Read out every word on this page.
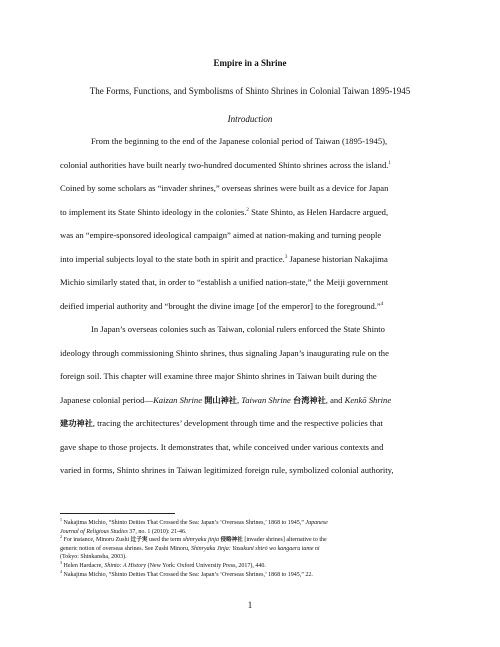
Empire in a Shrine
The Forms, Functions, and Symbolisms of Shinto Shrines in Colonial Taiwan 1895-1945
Introduction
From the beginning to the end of the Japanese colonial period of Taiwan (1895-1945),
colonial authorities have built nearly two-hundred documented Shinto shrines across the island.$^1$
Coined by some scholars as “invader shrines,” overseas shrines were built as a device for Japan
to implement its State Shinto ideology in the colonies.$^2$ State Shinto, as Helen Hardacre argued,
was an “empire-sponsored ideological campaign” aimed at nation-making and turning people
into imperial subjects loyal to the state both in spirit and practice.$^3$ Japanese historian Nakajima
Michio similarly stated that, in order to “establish a unified nation-state,” the Meiji government
deified imperial authority and “brought the divine image [of the emperor] to the foreground.”$^4$
In Japan’s overseas colonies such as Taiwan, colonial rulers enforced the State Shinto
ideology through commissioning Shinto shrines, thus signaling Japan’s inaugurating rule on the
foreign soil. This chapter will examine three major Shinto shrines in Taiwan built during the
Japanese colonial period—Kaizan Shrine 開山神社, Taiwan Shrine 台湾神社, and Kenkō Shrine
建功神社, tracing the architectures’ development through time and the respective policies that
gave shape to those projects. It demonstrates that, while conceived under various contexts and
varied in forms, Shinto shrines in Taiwan legitimized foreign rule, symbolized colonial authority,
$^1$ Nakajima Michio, “Shinto Deities That Crossed the Sea: Japan’s ‘Overseas Shrines,’ 1868 to 1945,” Japanese
Journal of Religious Studies 37, no. 1 (2010): 21-46.
$^2$ For instance, Minoru Zushi 辻子実 used the term shinryaku jinja 侵略神社 [invader shrines] alternative to the
generic notion of overseas shrines. See Zushi Minoru, Shinryaku Jinja: Yasukuni shirō wo kangaeru tame ni
(Tokyo: Shinkansha, 2003).
$^3$ Helen Hardacre, Shinto: A History (New York: Oxford University Press, 2017), 440.
$^4$ Nakajima Michio, “Shinto Deities That Crossed the Sea: Japan’s ‘Overseas Shrines,’ 1868 to 1945,” 22.
1
